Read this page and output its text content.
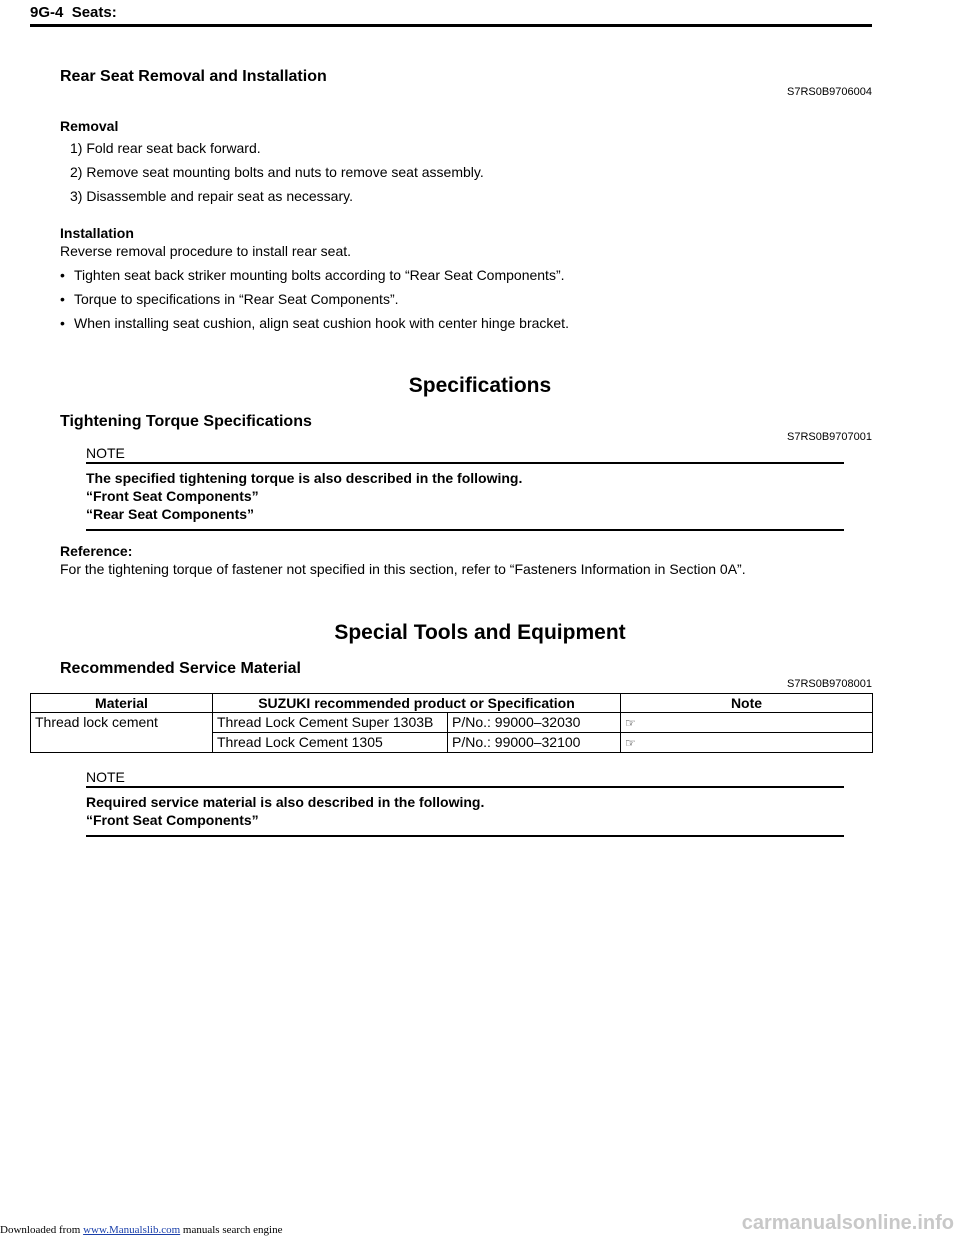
9G-4 Seats:
Rear Seat Removal and Installation
S7RS0B9706004
Removal
1) Fold rear seat back forward.
2) Remove seat mounting bolts and nuts to remove seat assembly.
3) Disassemble and repair seat as necessary.
Installation
Reverse removal procedure to install rear seat.
• Tighten seat back striker mounting bolts according to “Rear Seat Components”.
• Torque to specifications in “Rear Seat Components”.
• When installing seat cushion, align seat cushion hook with center hinge bracket.
Specifications
Tightening Torque Specifications
S7RS0B9707001
NOTE
The specified tightening torque is also described in the following.
“Front Seat Components”
“Rear Seat Components”
Reference:
For the tightening torque of fastener not specified in this section, refer to “Fasteners Information in Section 0A”.
Special Tools and Equipment
Recommended Service Material
S7RS0B9708001
Material	SUZUKI recommended product or Specification		Note
Thread lock cement	Thread Lock Cement Super 1303B	P/No.: 99000–32030	☞
	Thread Lock Cement 1305	P/No.: 99000–32100	☞
NOTE
Required service material is also described in the following.
“Front Seat Components”
Downloaded from www.Manualslib.com manuals search engine	carmanualsonline.info
